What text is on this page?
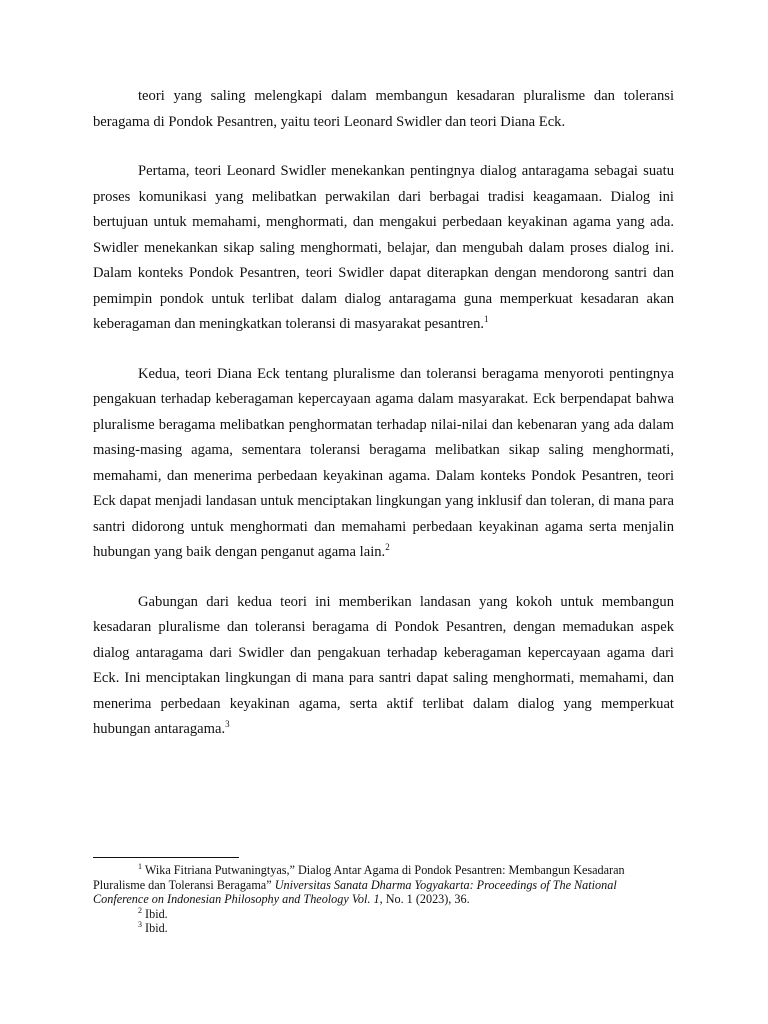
teori yang saling melengkapi dalam membangun kesadaran pluralisme dan toleransi beragama di Pondok Pesantren, yaitu teori Leonard Swidler dan teori Diana Eck.

Pertama, teori Leonard Swidler menekankan pentingnya dialog antaragama sebagai suatu proses komunikasi yang melibatkan perwakilan dari berbagai tradisi keagamaan. Dialog ini bertujuan untuk memahami, menghormati, dan mengakui perbedaan keyakinan agama yang ada. Swidler menekankan sikap saling menghormati, belajar, dan mengubah dalam proses dialog ini. Dalam konteks Pondok Pesantren, teori Swidler dapat diterapkan dengan mendorong santri dan pemimpin pondok untuk terlibat dalam dialog antaragama guna memperkuat kesadaran akan keberagaman dan meningkatkan toleransi di masyarakat pesantren.$^1$

Kedua, teori Diana Eck tentang pluralisme dan toleransi beragama menyoroti pentingnya pengakuan terhadap keberagaman kepercayaan agama dalam masyarakat. Eck berpendapat bahwa pluralisme beragama melibatkan penghormatan terhadap nilai-nilai dan kebenaran yang ada dalam masing-masing agama, sementara toleransi beragama melibatkan sikap saling menghormati, memahami, dan menerima perbedaan keyakinan agama. Dalam konteks Pondok Pesantren, teori Eck dapat menjadi landasan untuk menciptakan lingkungan yang inklusif dan toleran, di mana para santri didorong untuk menghormati dan memahami perbedaan keyakinan agama serta menjalin hubungan yang baik dengan penganut agama lain.$^2$

Gabungan dari kedua teori ini memberikan landasan yang kokoh untuk membangun kesadaran pluralisme dan toleransi beragama di Pondok Pesantren, dengan memadukan aspek dialog antaragama dari Swidler dan pengakuan terhadap keberagaman kepercayaan agama dari Eck. Ini menciptakan lingkungan di mana para santri dapat saling menghormati, memahami, dan menerima perbedaan keyakinan agama, serta aktif terlibat dalam dialog yang memperkuat hubungan antaragama.$^3$

$^1$ Wika Fitriana Putwaningtyas,” Dialog Antar Agama di Pondok Pesantren: Membangun Kesadaran Pluralisme dan Toleransi Beragama” Universitas Sanata Dharma Yogyakarta: Proceedings of The National Conference on Indonesian Philosophy and Theology Vol. 1, No. 1 (2023), 36.

$^2$ Ibid.

$^3$ Ibid.
